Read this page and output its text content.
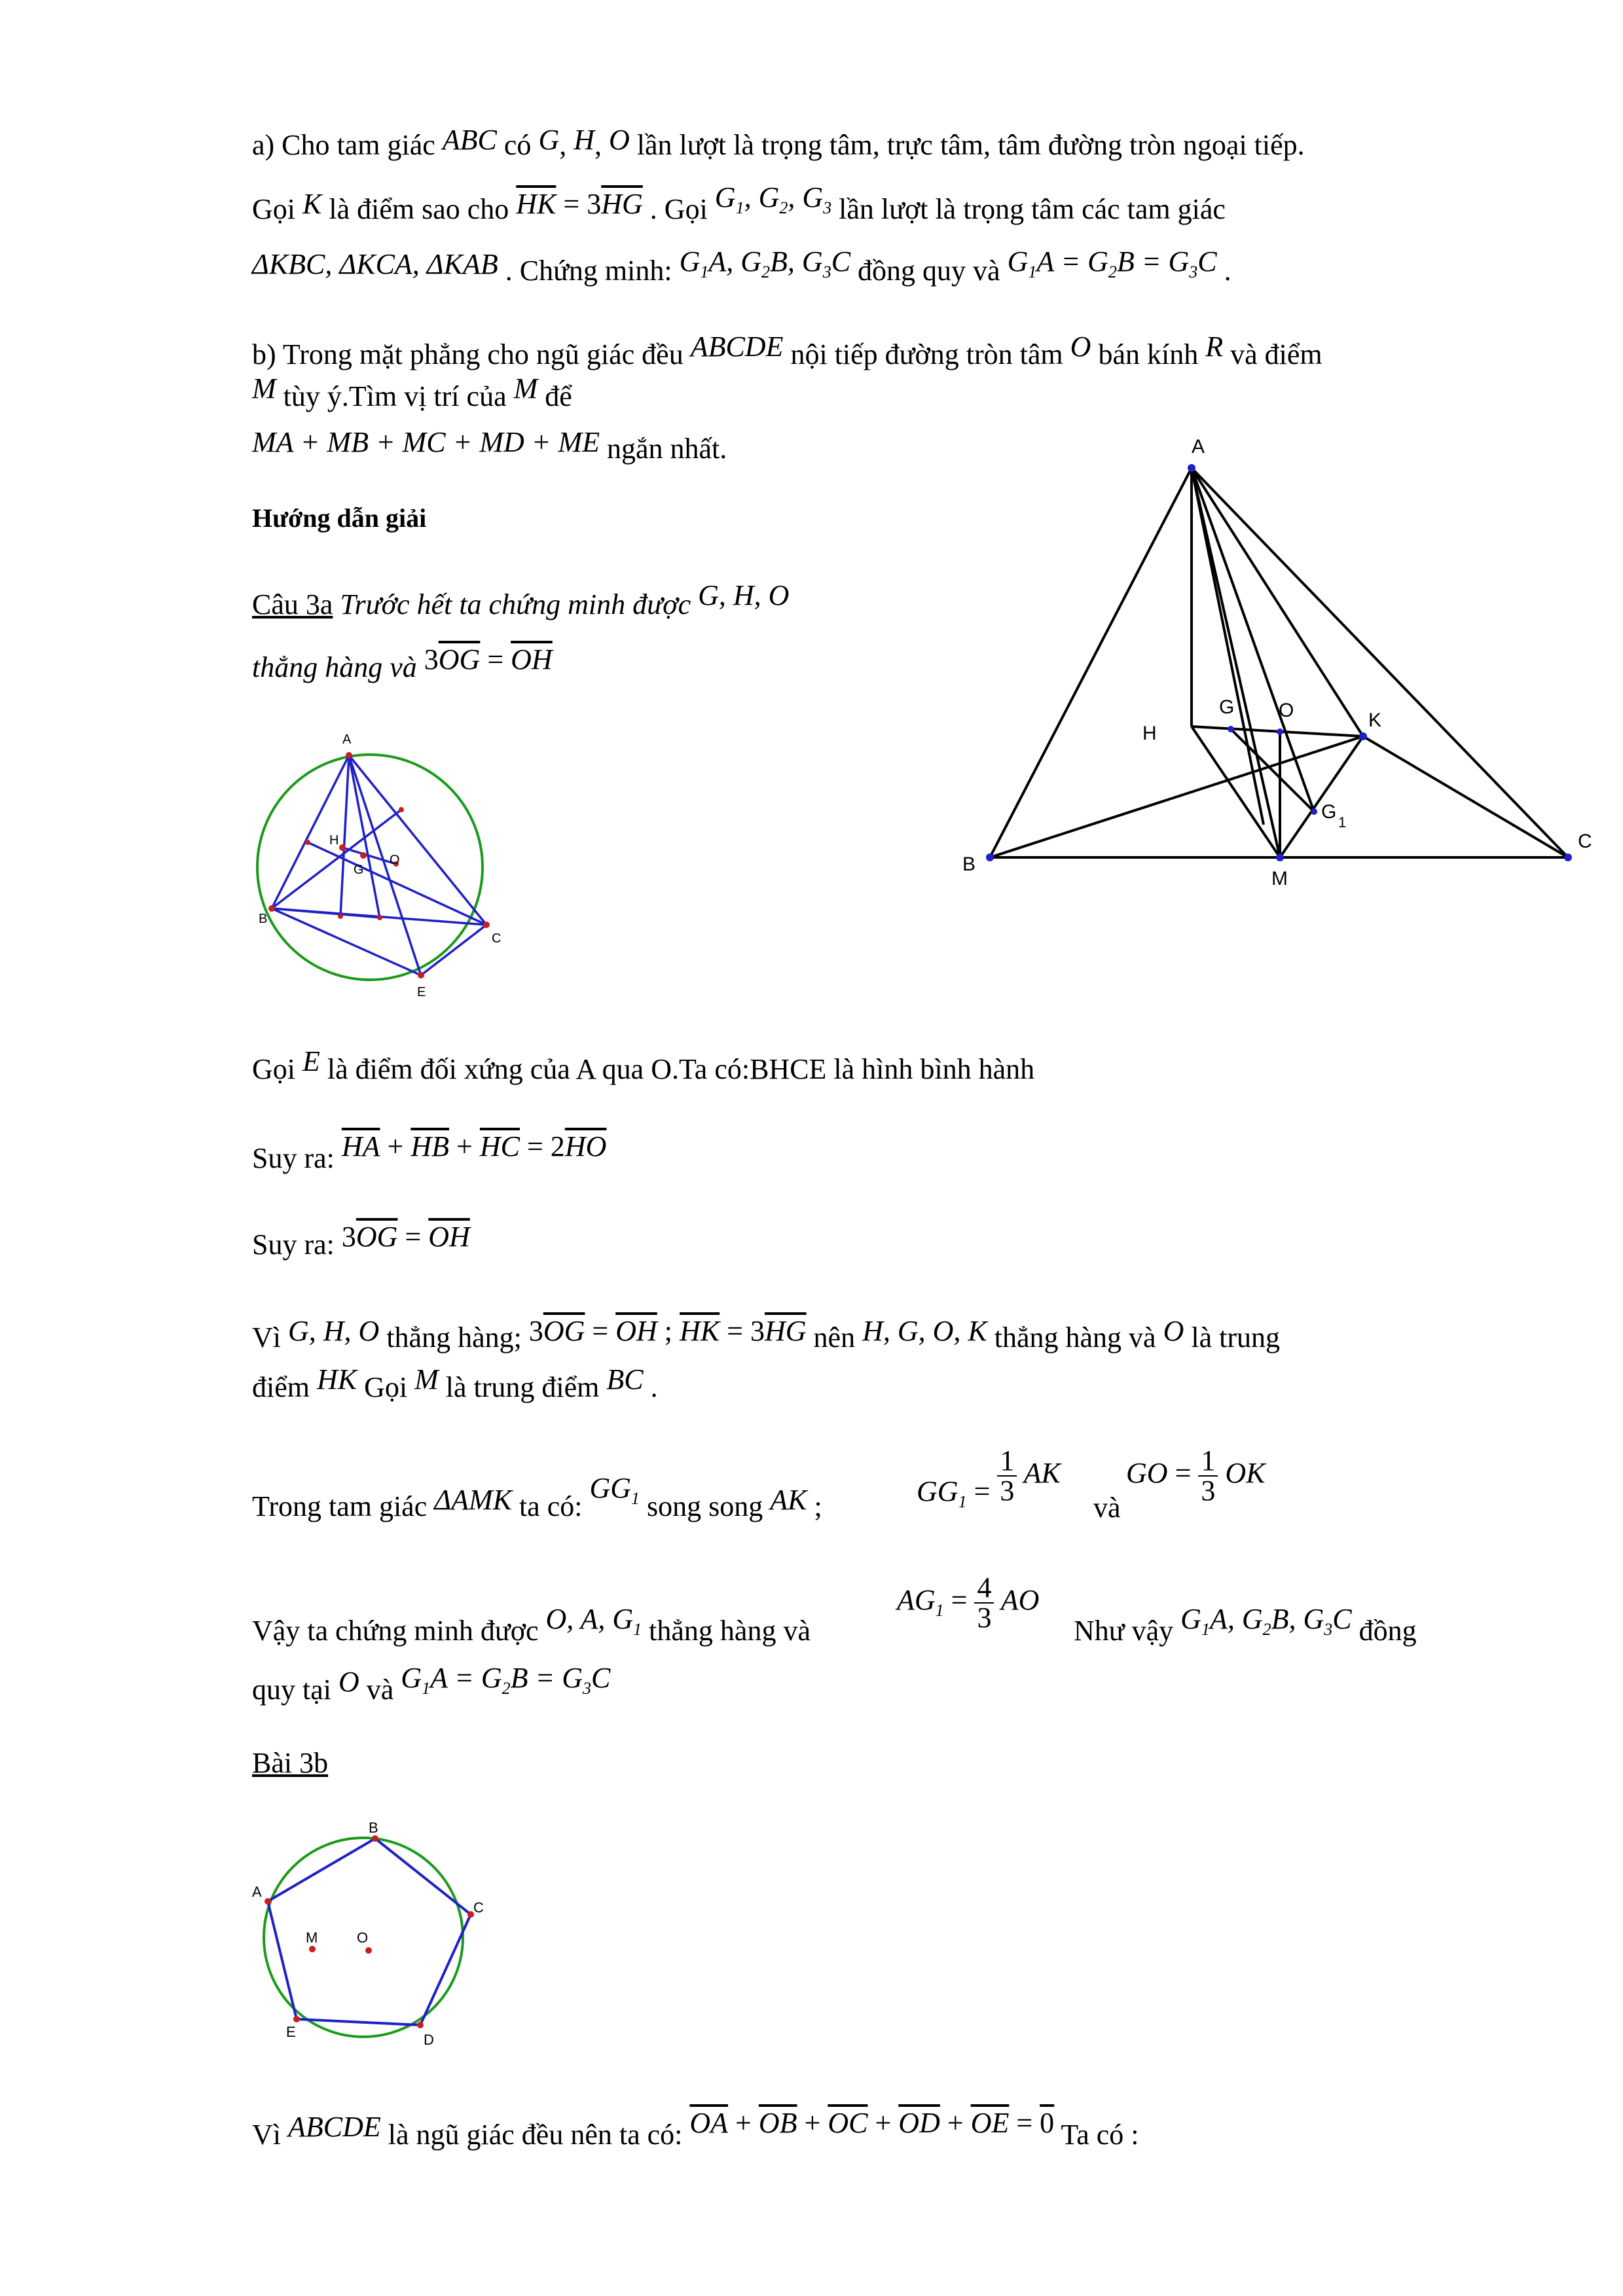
a) Cho tam giác ABC có G, H, O lần lượt là trọng tâm, trực tâm, tâm đường tròn ngoại tiếp.
Gọi K là điểm sao cho $\overline{HK} = 3\overline{HG}$ . Gọi $G_1$, $G_2$, $G_3$ lần lượt là trọng tâm các tam giác
ΔKBC, ΔKCA, ΔKAB . Chứng minh: $G_1A$, $G_2B$, $G_3C$ đồng quy và $G_1A = G_2B = G_3C$ .
b) Trong mặt phẳng cho ngũ giác đều ABCDE nội tiếp đường tròn tâm O bán kính R và điểm
M tùy ý.Tìm vị trí của M để
MA + MB + MC + MD + ME ngắn nhất.
Hướng dẫn giải
Câu 3a Trước hết ta chứng minh được G, H, O
thẳng hàng và $3\overline{OG} = \overline{OH}$
A
H
O
G
B
C
E
A
H
G O	K
G 1
B
M
C
Gọi E là điểm đối xứng của A qua O.Ta có:BHCE là hình bình hành
Suy ra: $\overline{HA} + \overline{HB} + \overline{HC} = 2\overline{HO}$
Suy ra: $3\overline{OG} = \overline{OH}$
Vì G, H, O thẳng hàng; $3\overline{OG} = \overline{OH}$ ; $\overline{HK} = 3\overline{HG}$ nên H, G, O, K thẳng hàng và O là trung
điểm HK Gọi M là trung điểm BC .
Trong tam giác ΔAMK ta có: $GG_1$ song song AK ;	$GG_1 = \frac{1}{3}$ AK
và
GO = $\frac{1}{3}$ OK
Vậy ta chứng minh được O, A, $G_1$ thẳng hàng và
$AG_1 = \frac{4}{3}$ AO
Như vậy $G_1A$, $G_2B$, $G_3C$ đồng
quy tại O và $G_1A = G_2B = G_3C$
Bài 3b
B
A
C
M	O
E	D
Vì ABCDE là ngũ giác đều nên ta có: $\overline{OA} + \overline{OB} + \overline{OC} + \overline{OD} + \overline{OE} = 0$ Ta có :
